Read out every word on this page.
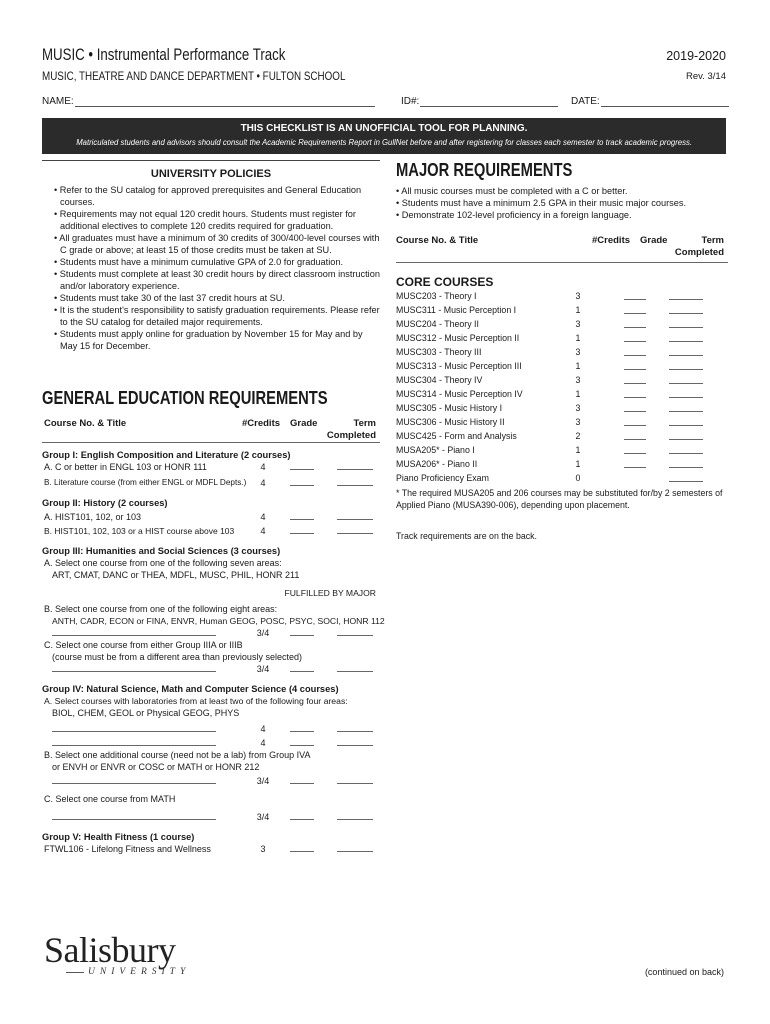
MUSIC • Instrumental Performance Track	2019-2020
MUSIC, THEATRE AND DANCE DEPARTMENT • FULTON SCHOOL	Rev. 3/14
NAME:	ID#:	DATE:
THIS CHECKLIST IS AN UNOFFICIAL TOOL FOR PLANNING.
Matriculated students and advisors should consult the Academic Requirements Report in GullNet before and after registering for classes each semester to track academic progress.
UNIVERSITY POLICIES
• Refer to the SU catalog for approved prerequisites and General Education courses.
• Requirements may not equal 120 credit hours. Students must register for additional electives to complete 120 credits required for graduation.
• All graduates must have a minimum of 30 credits of 300/400-level courses with C grade or above; at least 15 of those credits must be taken at SU.
• Students must have a minimum cumulative GPA of 2.0 for graduation.
• Students must complete at least 30 credit hours by direct classroom instruction and/or laboratory experience.
• Students must take 30 of the last 37 credit hours at SU.
• It is the student's responsibility to satisfy graduation requirements. Please refer to the SU catalog for detailed major requirements.
• Students must apply online for graduation by November 15 for May and by May 15 for December.
GENERAL EDUCATION REQUIREMENTS
Course No. & Title	#Credits Grade	Term
Completed
Group I: English Composition and Literature (2 courses)
A. C or better in ENGL 103 or HONR 111	4
B. Literature course (from either ENGL or MDFL Depts.)	4
Group II: History (2 courses)
A. HIST101, 102, or 103	4
B. HIST101, 102, 103 or a HIST course above 103	4
Group III: Humanities and Social Sciences (3 courses)
A. Select one course from one of the following seven areas:
ART, CMAT, DANC or THEA, MDFL, MUSC, PHIL, HONR 211
FULFILLED BY MAJOR
B. Select one course from one of the following eight areas:
ANTH, CADR, ECON or FINA, ENVR, Human GEOG, POSC, PSYC, SOCI, HONR 112
3/4
C. Select one course from either Group IIIA or IIIB
(course must be from a different area than previously selected)
3/4
Group IV: Natural Science, Math and Computer Science (4 courses)
A. Select courses with laboratories from at least two of the following four areas:
BIOL, CHEM, GEOL or Physical GEOG, PHYS
4
4
B. Select one additional course (need not be a lab) from Group IVA
or ENVH or ENVR or COSC or MATH or HONR 212
3/4
C. Select one course from MATH
3/4
Group V: Health Fitness (1 course)
FTWL106 - Lifelong Fitness and Wellness	3
MAJOR REQUIREMENTS
• All music courses must be completed with a C or better.
• Students must have a minimum 2.5 GPA in their music major courses.
• Demonstrate 102-level proficiency in a foreign language.
Course No. & Title	#Credits Grade	Term
Completed
CORE COURSES
MUSC203 - Theory I	3
MUSC311 - Music Perception I	1
MUSC204 - Theory II	3
MUSC312 - Music Perception II	1
MUSC303 - Theory III	3
MUSC313 - Music Perception III	1
MUSC304 - Theory IV	3
MUSC314 - Music Perception IV	1
MUSC305 - Music History I	3
MUSC306 - Music History II	3
MUSC425 - Form and Analysis	2
MUSA205* - Piano I	1
MUSA206* - Piano II	1
Piano Proficiency Exam	0
* The required MUSA205 and 206 courses may be substituted for/by 2 semesters of Applied Piano (MUSA390-006), depending upon placement.
Track requirements are on the back.
Salisbury
UNIVERSITY	(continued on back)
